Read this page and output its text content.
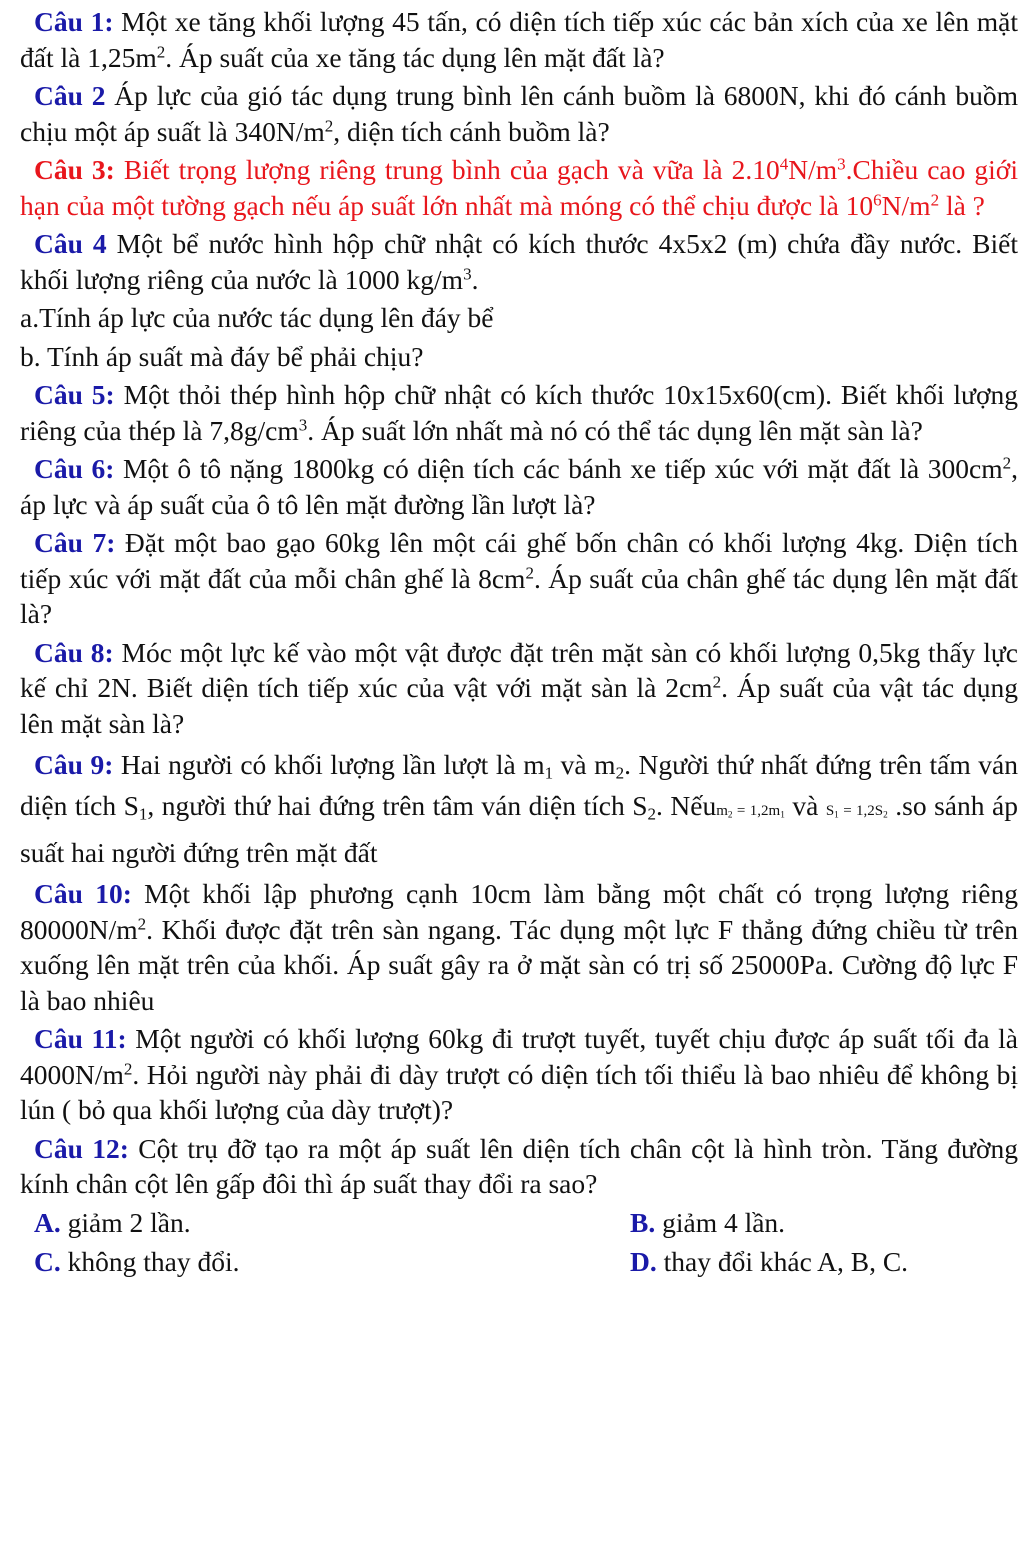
Câu 1: Một xe tăng khối lượng 45 tấn, có diện tích tiếp xúc các bản xích của xe lên mặt đất là $1,25m^2$. Áp suất của xe tăng tác dụng lên mặt đất là?

Câu 2 Áp lực của gió tác dụng trung bình lên cánh buồm là 6800N, khi đó cánh buồm chịu một áp suất là $340N/m^2$, diện tích cánh buồm là?

Câu 3: Biết trọng lượng riêng trung bình của gạch và vữa là $2.10^4N/m^3.Chiều$ cao giới hạn của một tường gạch nếu áp suất lớn nhất mà móng có thể chịu được là $10^6N/m^2$ là ?

Câu 4 Một bể nước hình hộp chữ nhật có kích thước 4x5x2 (m) chứa đầy nước. Biết khối lượng riêng của nước là 1000 $kg/m^3$.

a.Tính áp lực của nước tác dụng lên đáy bể

b. Tính áp suất mà đáy bể phải chịu?

Câu 5: Một thỏi thép hình hộp chữ nhật có kích thước 10x15x60(cm). Biết khối lượng riêng của thép là $7,8g/cm^3$. Áp suất lớn nhất mà nó có thể tác dụng lên mặt sàn là?

Câu 6: Một ô tô nặng 1800kg có diện tích các bánh xe tiếp xúc với mặt đất là $300cm^2$, áp lực và áp suất của ô tô lên mặt đường lần lượt là?

Câu 7: Đặt một bao gạo 60kg lên một cái ghế bốn chân có khối lượng 4kg. Diện tích tiếp xúc với mặt đất của mỗi chân ghế là $8cm^2$. Áp suất của chân ghế tác dụng lên mặt đất là?

Câu 8: Móc một lực kế vào một vật được đặt trên mặt sàn có khối lượng 0,5kg thấy lực kế chỉ 2N. Biết diện tích tiếp xúc của vật với mặt sàn là $2cm^2$. Áp suất của vật tác dụng lên mặt sàn là?

Câu 9: Hai người có khối lượng lần lượt là $m_1$ và $m_2$. Người thứ nhất đứng trên tấm ván diện tích $S_1$, người thứ hai đứng trên tâm ván diện tích $S_2$. Nếum$_2$ = $1,2m_1$ và $S_1 = 1,2S_2$ .so sánh áp suất hai người đứng trên mặt đất

Câu 10: Một khối lập phương cạnh 10cm làm bằng một chất có trọng lượng riêng $80000N/m^2$. Khối được đặt trên sàn ngang. Tác dụng một lực F thẳng đứng chiều từ trên xuống lên mặt trên của khối. Áp suất gây ra ở mặt sàn có trị số 25000Pa. Cường độ lực F là bao nhiêu

Câu 11: Một người có khối lượng 60kg đi trượt tuyết, tuyết chịu được áp suất tối đa là $4000N/m^2$. Hỏi người này phải đi dày trượt có diện tích tối thiểu là bao nhiêu để không bị lún ( bỏ qua khối lượng của dày trượt)?

Câu 12: Cột trụ đỡ tạo ra một áp suất lên diện tích chân cột là hình tròn. Tăng đường kính chân cột lên gấp đôi thì áp suất thay đổi ra sao?

A. giảm 2 lần.	B. giảm 4 lần.
C. không thay đổi.	D. thay đổi khác A, B, C.
